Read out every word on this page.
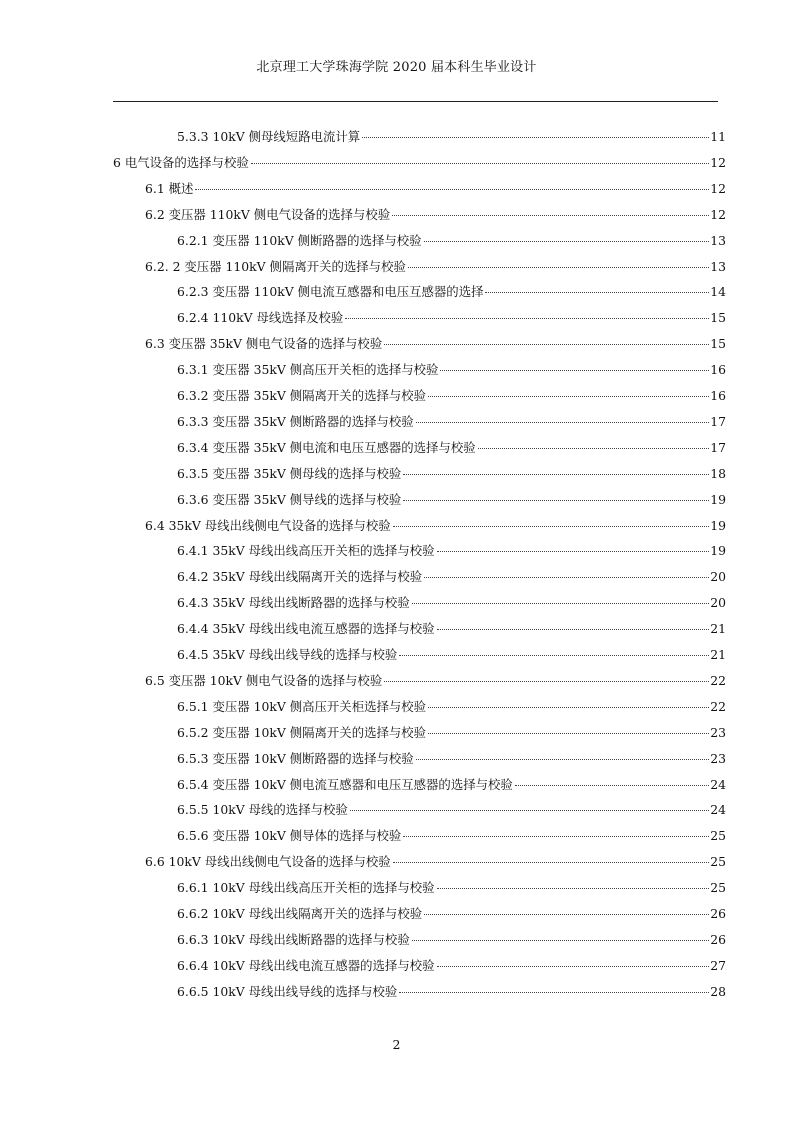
北京理工大学珠海学院 2020 届本科生毕业设计
5.3.3 10kV 侧母线短路电流计算	11
6 电气设备的选择与校验	12
6.1 概述	12
6.2 变压器 110kV 侧电气设备的选择与校验	12
6.2.1 变压器 110kV 侧断路器的选择与校验	13
6.2. 2 变压器 110kV 侧隔离开关的选择与校验	13
6.2.3 变压器 110kV 侧电流互感器和电压互感器的选择	14
6.2.4 110kV 母线选择及校验	15
6.3 变压器 35kV 侧电气设备的选择与校验	15
6.3.1 变压器 35kV 侧高压开关柜的选择与校验	16
6.3.2 变压器 35kV 侧隔离开关的选择与校验	16
6.3.3 变压器 35kV 侧断路器的选择与校验	17
6.3.4 变压器 35kV 侧电流和电压互感器的选择与校验	17
6.3.5 变压器 35kV 侧母线的选择与校验	18
6.3.6 变压器 35kV 侧导线的选择与校验	19
6.4 35kV 母线出线侧电气设备的选择与校验	19
6.4.1 35kV 母线出线高压开关柜的选择与校验	19
6.4.2 35kV 母线出线隔离开关的选择与校验	20
6.4.3 35kV 母线出线断路器的选择与校验	20
6.4.4 35kV 母线出线电流互感器的选择与校验	21
6.4.5 35kV 母线出线导线的选择与校验	21
6.5 变压器 10kV 侧电气设备的选择与校验	22
6.5.1 变压器 10kV 侧高压开关柜选择与校验	22
6.5.2 变压器 10kV 侧隔离开关的选择与校验	23
6.5.3 变压器 10kV 侧断路器的选择与校验	23
6.5.4 变压器 10kV 侧电流互感器和电压互感器的选择与校验	24
6.5.5 10kV 母线的选择与校验	24
6.5.6 变压器 10kV 侧导体的选择与校验	25
6.6 10kV 母线出线侧电气设备的选择与校验	25
6.6.1 10kV 母线出线高压开关柜的选择与校验	25
6.6.2 10kV 母线出线隔离开关的选择与校验	26
6.6.3 10kV 母线出线断路器的选择与校验	26
6.6.4 10kV 母线出线电流互感器的选择与校验	27
6.6.5 10kV 母线出线导线的选择与校验	28
2
